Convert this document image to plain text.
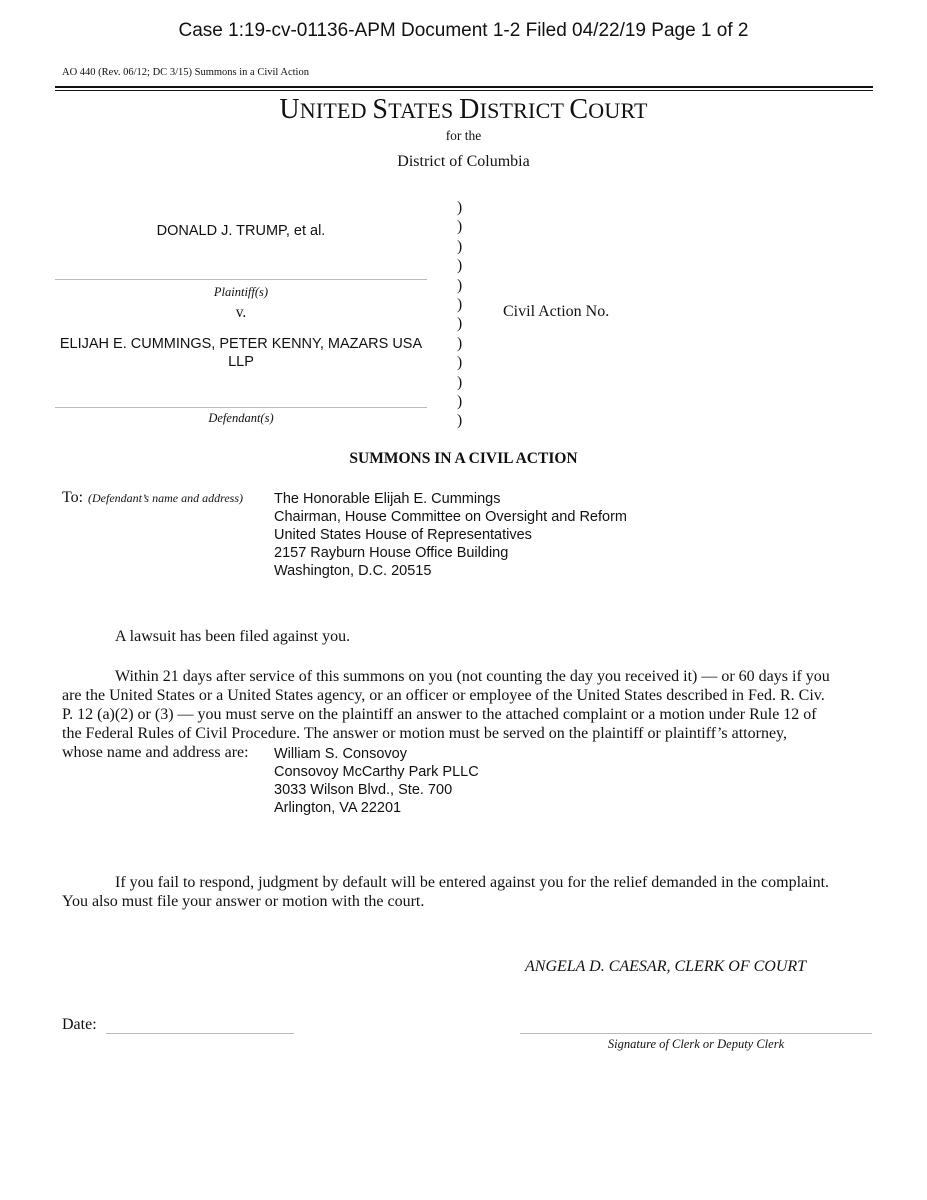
Case 1:19-cv-01136-APM Document 1-2 Filed 04/22/19 Page 1 of 2
AO 440 (Rev. 06/12; DC 3/15) Summons in a Civil Action
UNITED STATES DISTRICT COURT
for the
District of Columbia
DONALD J. TRUMP, et al.
Plaintiff(s)
v.
ELIJAH E. CUMMINGS, PETER KENNY, MAZARS USA LLP
Defendant(s)
)
)
)
)
)
)
)
)
)
)
)
)
Civil Action No.
SUMMONS IN A CIVIL ACTION
To: (Defendant’s name and address) The Honorable Elijah E. Cummings
Chairman, House Committee on Oversight and Reform
United States House of Representatives
2157 Rayburn House Office Building
Washington, D.C. 20515
A lawsuit has been filed against you.
Within 21 days after service of this summons on you (not counting the day you received it) — or 60 days if you
are the United States or a United States agency, or an officer or employee of the United States described in Fed. R. Civ.
P. 12 (a)(2) or (3) — you must serve on the plaintiff an answer to the attached complaint or a motion under Rule 12 of
the Federal Rules of Civil Procedure. The answer or motion must be served on the plaintiff or plaintiff’s attorney,
whose name and address are:	William S. Consovoy
Consovoy McCarthy Park PLLC
3033 Wilson Blvd., Ste. 700
Arlington, VA 22201
If you fail to respond, judgment by default will be entered against you for the relief demanded in the complaint.
You also must file your answer or motion with the court.
ANGELA D. CAESAR, CLERK OF COURT
Date:
Signature of Clerk or Deputy Clerk
